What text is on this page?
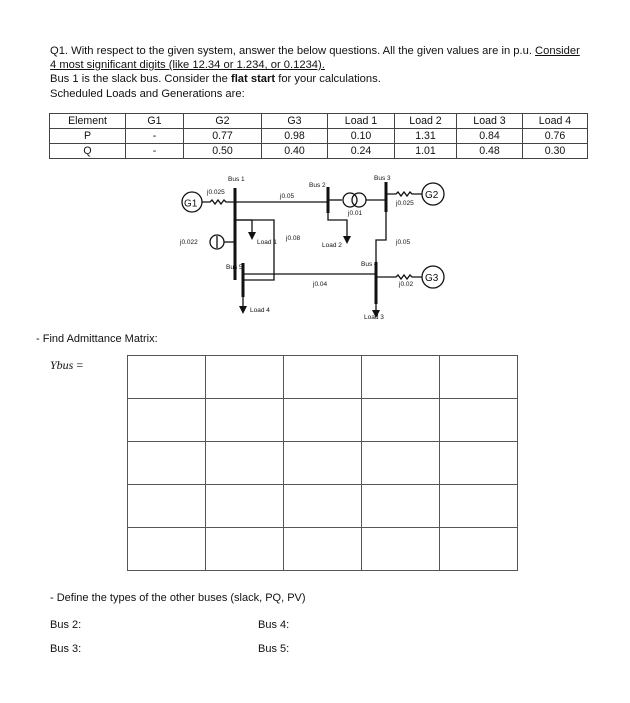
Q1. With respect to the given system, answer the below questions. All the given values are in p.u. Consider
4 most significant digits (like 12.34 or 1.234, or 0.1234).
Bus 1 is the slack bus. Consider the flat start for your calculations.
Scheduled Loads and Generations are:
Element	G1	G2	G3	Load 1	Load 2	Load 3	Load 4
P	-	0.77	0.98	0.10	1.31	0.84	0.76
Q	-	0.50	0.40	0.24	1.01	0.48	0.30
G1
j0.025
Bus 1
j0.05
Bus 2
j0.01
Bus 3
j0.025
G2
j0.022	Load 1
j0.08
Load 2	j0.05
Bus 4
j0.02
G3
Bus 5
j0.04
Load 3
Load 4
- Find Admittance Matrix:
Ybus =

- Define the types of the other buses (slack, PQ, PV)
Bus 2:	Bus 4:
Bus 3:	Bus 5:
